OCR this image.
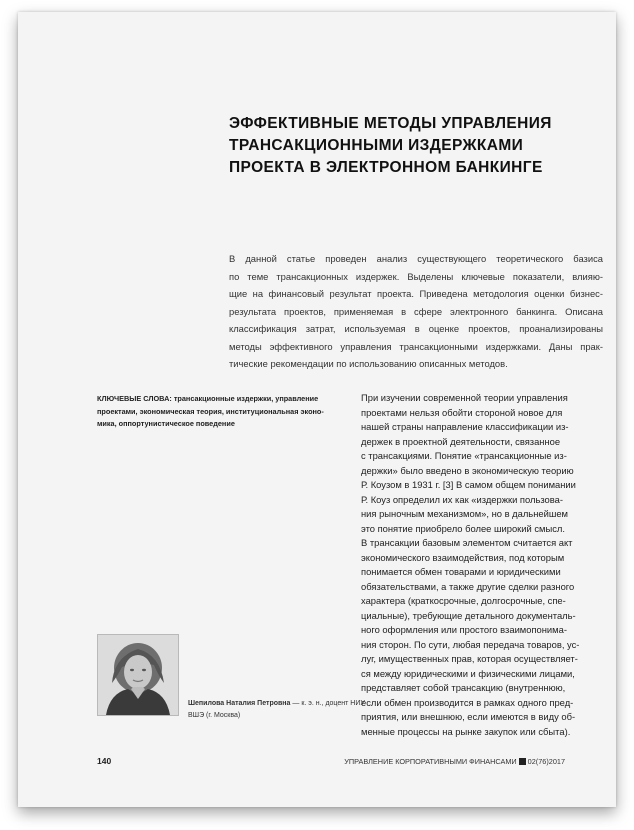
ЭФФЕКТИВНЫЕ МЕТОДЫ УПРАВЛЕНИЯ
ТРАНСАКЦИОННЫМИ ИЗДЕРЖКАМИ
ПРОЕКТА В ЭЛЕКТРОННОМ БАНКИНГЕ
В данной статье проведен анализ существующего теоретического базиса
по теме трансакционных издержек. Выделены ключевые показатели, влияю-
щие на финансовый результат проекта. Приведена методология оценки бизнес-
результата проектов, применяемая в сфере электронного банкинга. Описана
классификация затрат, используемая в оценке проектов, проанализированы
методы эффективного управления трансакционными издержками. Даны прак-
тические рекомендации по использованию описанных методов.
КЛЮЧЕВЫЕ СЛОВА: трансакционные издержки, управление
проектами, экономическая теория, институциональная эконо-
мика, оппортунистическое поведение
При изучении современной теории управления
проектами нельзя обойти стороной новое для
нашей страны направление классификации из-
держек в проектной деятельности, связанное
с трансакциями. Понятие «трансакционные из-
держки» было введено в экономическую теорию
Р. Коузом в 1931 г. [3] В самом общем понимании
Р. Коуз определил их как «издержки пользова-
ния рыночным механизмом», но в дальнейшем
это понятие приобрело более широкий смысл.
В трансакции базовым элементом считается акт
экономического взаимодействия, под которым
понимается обмен товарами и юридическими
обязательствами, а также другие сделки разного
характера (краткосрочные, долгосрочные, спе-
циальные), требующие детального документаль-
ного оформления или простого взаимопонима-
ния сторон. По сути, любая передача товаров, ус-
луг, имущественных прав, которая осуществляет-
ся между юридическими и физическими лицами,
представляет собой трансакцию (внутреннюю,
если обмен производится в рамках одного пред-
приятия, или внешнюю, если имеются в виду об-
менные процессы на рынке закупок или сбыта).
Шепилова Наталия Петровна — к. э. н., доцент НИУ
ВШЭ (г. Москва)
140	УПРАВЛЕНИЕ КОРПОРАТИВНЫМИ ФИНАНСАМИ 02(76)2017
